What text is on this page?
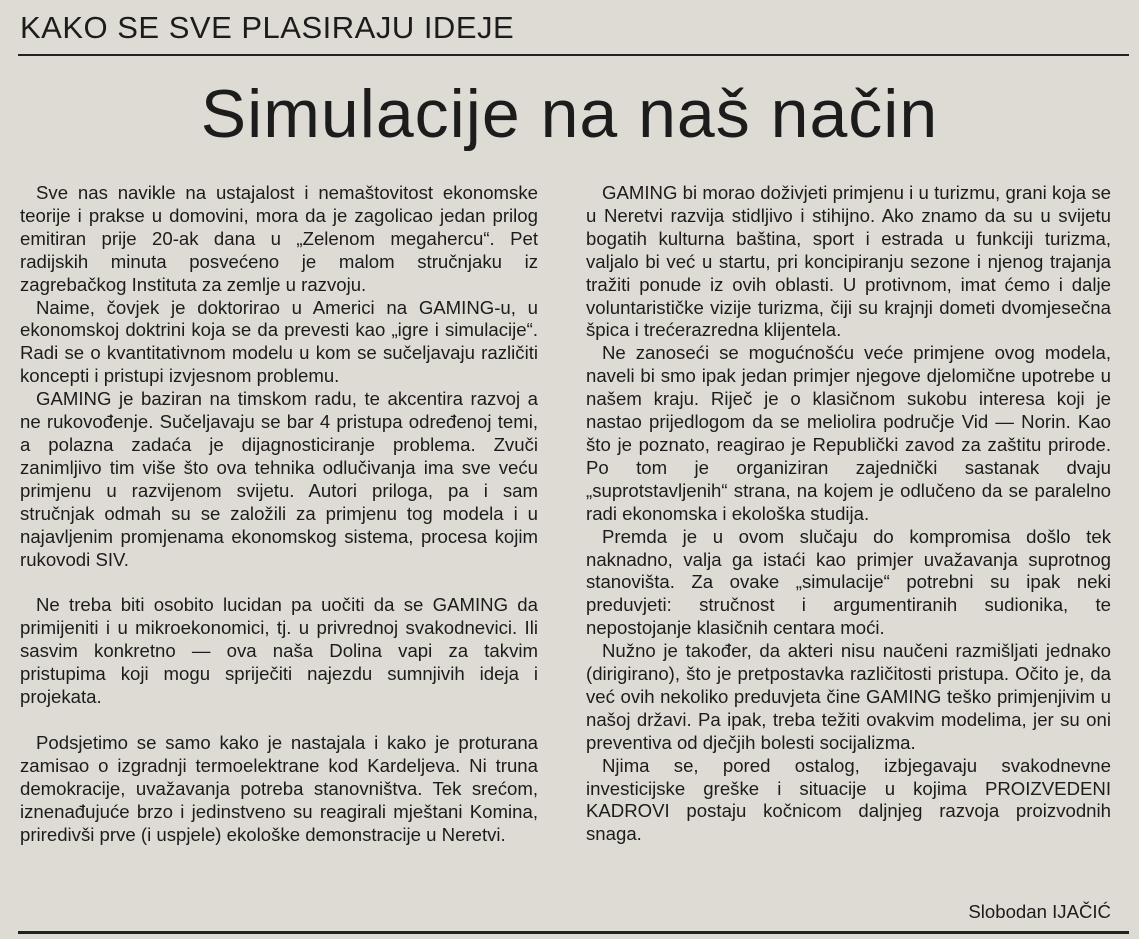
KAKO SE SVE PLASIRAJU IDEJE
Simulacije na naš način

Sve nas navikle na ustajalost i nemaštovitost ekonomske teorije i prakse u domovini, mora da je zagolicao jedan prilog emitiran prije 20-ak dana u „Zelenom megahercu“. Pet radijskih minuta posvećeno je malom stručnjaku iz zagrebačkog Instituta za zemlje u razvoju.

Naime, čovjek je doktorirao u Americi na GAMING-u, u ekonomskoj doktrini koja se da prevesti kao „igre i simulacije“. Radi se o kvantitativnom modelu u kom se sučeljavaju različiti koncepti i pristupi izvjesnom problemu.

GAMING je baziran na timskom radu, te akcentira razvoj a ne rukovođenje. Sučeljavaju se bar 4 pristupa određenoj temi, a polazna zadaća je dijagnosticiranje problema. Zvuči zanimljivo tim više što ova tehnika odlučivanja ima sve veću primjenu u razvijenom svijetu. Autori priloga, pa i sam stručnjak odmah su se založili za primjenu tog modela i u najavljenim promjenama ekonomskog sistema, procesa kojim rukovodi SIV.

Ne treba biti osobito lucidan pa uočiti da se GAMING da primijeniti i u mikroekonomici, tj. u privrednoj svakodnevici. Ili sasvim konkretno — ova naša Dolina vapi za takvim pristupima koji mogu spriječiti najezdu sumnjivih ideja i projekata.

Podsjetimo se samo kako je nastajala i kako je proturana zamisao o izgradnji termoelektrane kod Kardeljeva. Ni truna demokracije, uvažavanja potreba stanovništva. Tek srećom, iznenađujuće brzo i jedinstveno su reagirali mještani Komina, priredivši prve (i uspjele) ekološke demonstracije u Neretvi.

GAMING bi morao doživjeti primjenu i u turizmu, grani koja se u Neretvi razvija stidljivo i stihijno. Ako znamo da su u svijetu bogatih kulturna baština, sport i estrada u funkciji turizma, valjalo bi već u startu, pri koncipiranju sezone i njenog trajanja tražiti ponude iz ovih oblasti. U protivnom, imat ćemo i dalje voluntarističke vizije turizma, čiji su krajnji dometi dvomjesečna špica i trećerazredna klijentela.

Ne zanoseći se mogućnošću veće primjene ovog modela, naveli bi smo ipak jedan primjer njegove djelomične upotrebe u našem kraju. Riječ je o klasičnom sukobu interesa koji je nastao prijedlogom da se meliolira područje Vid — Norin. Kao što je poznato, reagirao je Republički zavod za zaštitu prirode. Po tom je organiziran zajednički sastanak dvaju „suprotstavljenih“ strana, na kojem je odlučeno da se paralelno radi ekonomska i ekološka studija.

Premda je u ovom slučaju do kompromisa došlo tek naknadno, valja ga istaći kao primjer uvažavanja suprotnog stanovišta. Za ovake „simulacije“ potrebni su ipak neki preduvjeti: stručnost i argumentiranih sudionika, te nepostojanje klasičnih centara moći.

Nužno je također, da akteri nisu naučeni razmišljati jednako (dirigirano), što je pretpostavka različitosti pristupa. Očito je, da već ovih nekoliko preduvjeta čine GAMING teško primjenjivim u našoj državi. Pa ipak, treba težiti ovakvim modelima, jer su oni preventiva od dječjih bolesti socijalizma.

Njima se, pored ostalog, izbjegavaju svakodnevne investicijske greške i situacije u kojima PROIZVEDENI KADROVI postaju kočnicom daljnjeg razvoja proizvodnih snaga.

Slobodan IJAČIĆ
